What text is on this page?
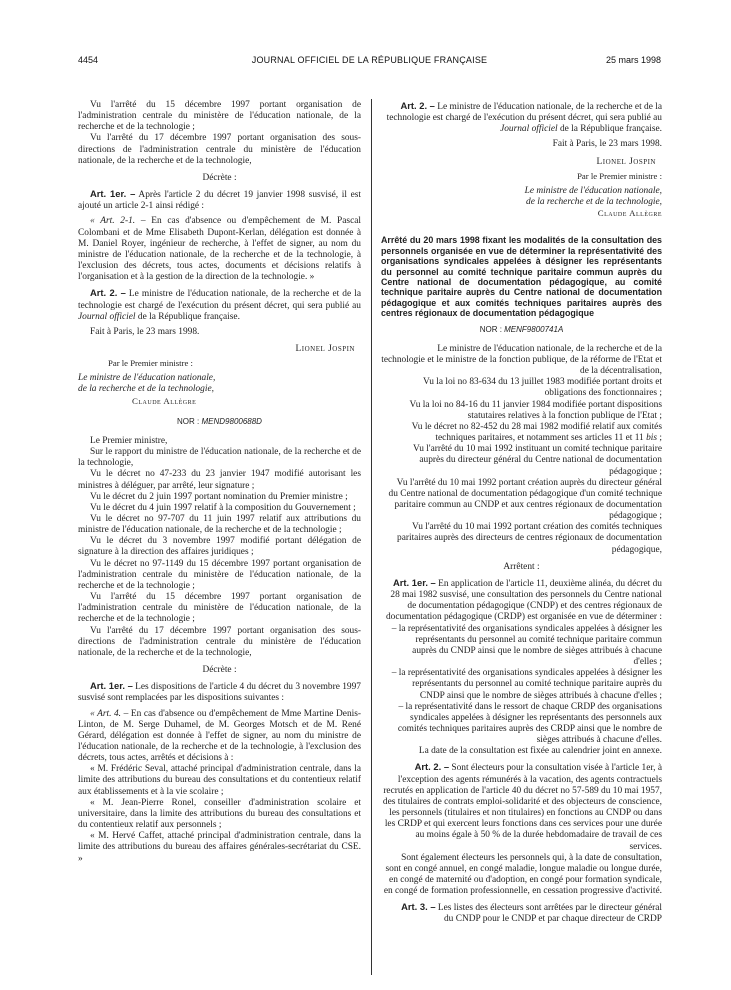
4454	JOURNAL OFFICIEL DE LA RÉPUBLIQUE FRANÇAISE	25 mars 1998

Vu l'arrêté du 15 décembre 1997 portant organisation de l'administration centrale du ministère de l'éducation nationale, de la recherche et de la technologie ;

Vu l'arrêté du 17 décembre 1997 portant organisation des sous-directions de l'administration centrale du ministère de l'éducation nationale, de la recherche et de la technologie,

Décrète :

Art. 1er. – Après l'article 2 du décret 19 janvier 1998 susvisé, il est ajouté un article 2-1 ainsi rédigé :

« Art. 2-1. – En cas d'absence ou d'empêchement de M. Pascal Colombani et de Mme Elisabeth Dupont-Kerlan, délégation est donnée à M. Daniel Royer, ingénieur de recherche, à l'effet de signer, au nom du ministre de l'éducation nationale, de la recherche et de la technologie, à l'exclusion des décrets, tous actes, documents et décisions relatifs à l'organisation et à la gestion de la direction de la technologie. »

Art. 2. – Le ministre de l'éducation nationale, de la recherche et de la technologie est chargé de l'exécution du présent décret, qui sera publié au Journal officiel de la République française.

Fait à Paris, le 23 mars 1998.

Lionel Jospin

Par le Premier ministre :

Le ministre de l'éducation nationale,

de la recherche et de la technologie,

Claude Allègre

NOR : MEND9800688D

Le Premier ministre,

Sur le rapport du ministre de l'éducation nationale, de la recherche et de la technologie,

Vu le décret no 47-233 du 23 janvier 1947 modifié autorisant les ministres à déléguer, par arrêté, leur signature ;

Vu le décret du 2 juin 1997 portant nomination du Premier ministre ;

Vu le décret du 4 juin 1997 relatif à la composition du Gouvernement ;

Vu le décret no 97-707 du 11 juin 1997 relatif aux attributions du ministre de l'éducation nationale, de la recherche et de la technologie ;

Vu le décret du 3 novembre 1997 modifié portant délégation de signature à la direction des affaires juridiques ;

Vu le décret no 97-1149 du 15 décembre 1997 portant organisation de l'administration centrale du ministère de l'éducation nationale, de la recherche et de la technologie ;

Vu l'arrêté du 15 décembre 1997 portant organisation de l'administration centrale du ministère de l'éducation nationale, de la recherche et de la technologie ;

Vu l'arrêté du 17 décembre 1997 portant organisation des sous-directions de l'administration centrale du ministère de l'éducation nationale, de la recherche et de la technologie,

Décrète :

Art. 1er. – Les dispositions de l'article 4 du décret du 3 novembre 1997 susvisé sont remplacées par les dispositions suivantes :

« Art. 4. – En cas d'absence ou d'empêchement de Mme Martine Denis-Linton, de M. Serge Duhamel, de M. Georges Motsch et de M. René Gérard, délégation est donnée à l'effet de signer, au nom du ministre de l'éducation nationale, de la recherche et de la technologie, à l'exclusion des décrets, tous actes, arrêtés et décisions à :

« M. Frédéric Seval, attaché principal d'administration centrale, dans la limite des attributions du bureau des consultations et du contentieux relatif aux établissements et à la vie scolaire ;

« M. Jean-Pierre Ronel, conseiller d'administration scolaire et universitaire, dans la limite des attributions du bureau des consultations et du contentieux relatif aux personnels ;

« M. Hervé Caffet, attaché principal d'administration centrale, dans la limite des attributions du bureau des affaires générales-secrétariat du CSE. »

Art. 2. – Le ministre de l'éducation nationale, de la recherche et de la technologie est chargé de l'exécution du présent décret, qui sera publié au Journal officiel de la République française.

Fait à Paris, le 23 mars 1998.

Lionel Jospin

Par le Premier ministre :

Le ministre de l'éducation nationale,

de la recherche et de la technologie,

Claude Allègre

Arrêté du 20 mars 1998 fixant les modalités de la consultation des personnels organisée en vue de déterminer la représentativité des organisations syndicales appelées à désigner les représentants du personnel au comité technique paritaire commun auprès du Centre national de documentation pédagogique, au comité technique paritaire auprès du Centre national de documentation pédagogique et aux comités techniques paritaires auprès des centres régionaux de documentation pédagogique

NOR : MENF9800741A

Le ministre de l'éducation nationale, de la recherche et de la technologie et le ministre de la fonction publique, de la réforme de l'Etat et de la décentralisation,

Vu la loi no 83-634 du 13 juillet 1983 modifiée portant droits et obligations des fonctionnaires ;

Vu la loi no 84-16 du 11 janvier 1984 modifiée portant dispositions statutaires relatives à la fonction publique de l'Etat ;

Vu le décret no 82-452 du 28 mai 1982 modifié relatif aux comités techniques paritaires, et notamment ses articles 11 et 11 bis ;

Vu l'arrêté du 10 mai 1992 instituant un comité technique paritaire auprès du directeur général du Centre national de documentation pédagogique ;

Vu l'arrêté du 10 mai 1992 portant création auprès du directeur général du Centre national de documentation pédagogique d'un comité technique paritaire commun au CNDP et aux centres régionaux de documentation pédagogique ;

Vu l'arrêté du 10 mai 1992 portant création des comités techniques paritaires auprès des directeurs de centres régionaux de documentation pédagogique,

Arrêtent :

Art. 1er. – En application de l'article 11, deuxième alinéa, du décret du 28 mai 1982 susvisé, une consultation des personnels du Centre national de documentation pédagogique (CNDP) et des centres régionaux de documentation pédagogique (CRDP) est organisée en vue de déterminer :

– la représentativité des organisations syndicales appelées à désigner les représentants du personnel au comité technique paritaire commun auprès du CNDP ainsi que le nombre de sièges attribués à chacune d'elles ;

– la représentativité des organisations syndicales appelées à désigner les représentants du personnel au comité technique paritaire auprès du CNDP ainsi que le nombre de sièges attribués à chacune d'elles ;

– la représentativité dans le ressort de chaque CRDP des organisations syndicales appelées à désigner les représentants des personnels aux comités techniques paritaires auprès des CRDP ainsi que le nombre de sièges attribués à chacune d'elles.

La date de la consultation est fixée au calendrier joint en annexe.

Art. 2. – Sont électeurs pour la consultation visée à l'article 1er, à l'exception des agents rémunérés à la vacation, des agents contractuels recrutés en application de l'article 40 du décret no 57-589 du 10 mai 1957, des titulaires de contrats emploi-solidarité et des objecteurs de conscience, les personnels (titulaires et non titulaires) en fonctions au CNDP ou dans les CRDP et qui exercent leurs fonctions dans ces services pour une durée au moins égale à 50 % de la durée hebdomadaire de travail de ces services.

Sont également électeurs les personnels qui, à la date de consultation, sont en congé annuel, en congé maladie, longue maladie ou longue durée, en congé de maternité ou d'adoption, en congé pour formation syndicale, en congé de formation professionnelle, en cessation progressive d'activité.

Art. 3. – Les listes des électeurs sont arrêtées par le directeur général du CNDP pour le CNDP et par chaque directeur de CRDP
